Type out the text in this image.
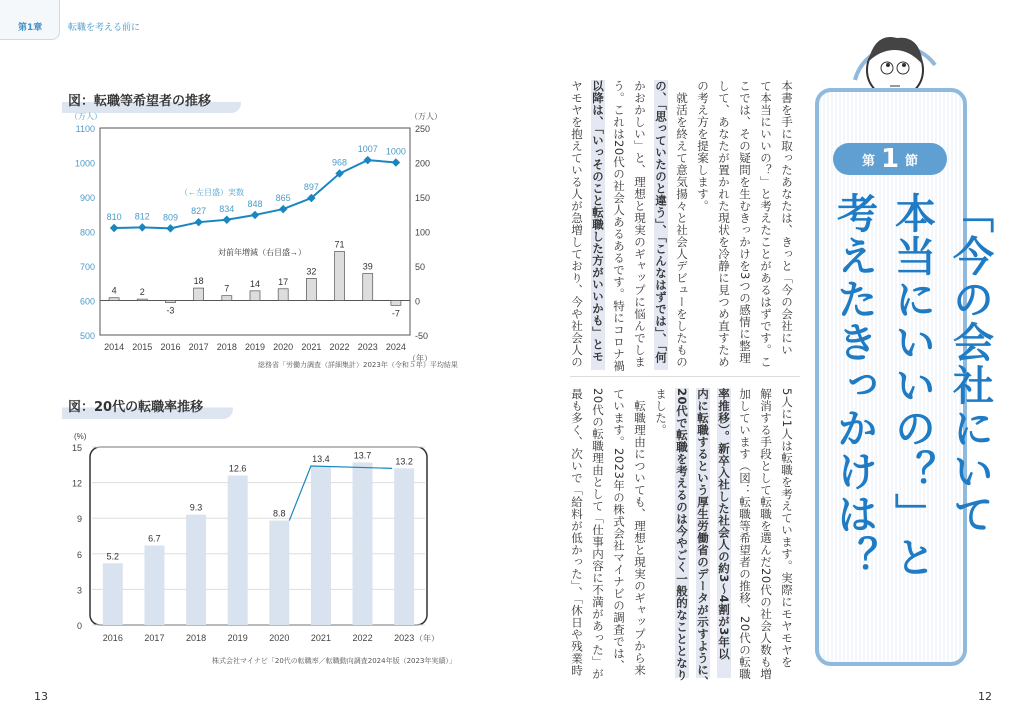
第1章	転職を考える前に
図：転職等希望者の推移
500
600
700
800
900
1000
1100
-50
0
50
100
150
200
250
（万人）	（万人）
（年）
2014
4
2015
2
2016
-3
2017
18
2018
7
2019
14
2020
17
2021
32
2022
71
2023
39
2024
-7
810 812 809
827 834 848
865
897
968
1007 1000
（←左目盛）実数
対前年増減（右目盛→）
総務省「労働力調査（詳細集計）2023年（令和５年）平均結果
図：20代の転職率推移
0
3
6
9
12
15
(%)
（年）
5.2
2016
6.7
2017
9.3
2018
12.6
2019
8.8
2020
13.4
2021
13.7
2022
13.2
2023
株式会社マイナビ「20代の転職率／転職動向調査2024年版（2023年実績）」
本書を手に取ったあなたは、きっと「今の会社にい
て本当にいいの？」と考えたことがあるはずです。こ
こでは、その疑問を生むきっかけを3つの感情に整理
して、あなたが置かれた現状を冷静に見つめ直すため
の考え方を提案します。
　就活を終えて意気揚々と社会人デビューをしたもの
の、「思っていたのと違う」、「こんなはずでは」、「何
かおかしい」と、理想と現実のギャップに悩んでしま
う。これは20代の社会人あるあるです。特にコロナ禍
以降は、「いっそのこと転職した方がいいかも」とモ
ヤモヤを抱えている人が急増しており、今や社会人の
5人に1人は転職を考えています。実際にモヤモヤを
解消する手段として転職を選んだ20代の社会人数も増
加しています（図：転職等希望者の推移、20代の転職
率推移）。新卒入社した社会人の約3〜4割が3年以
内に転職するという厚生労働省のデータが示すように、
20代で転職を考えるのは今やごく一般的なこととなり
ました。
　転職理由についても、理想と現実のギャップから来
ています。2023年の株式会社マイナビの調査では、
20代の転職理由として「仕事内容に不満があった」が
最も多く、次いで「給料が低かった」、「休日や残業時
第 1 節
「今の会社にいて
本当にいいの？」と
考えたきっかけは？
13	12
